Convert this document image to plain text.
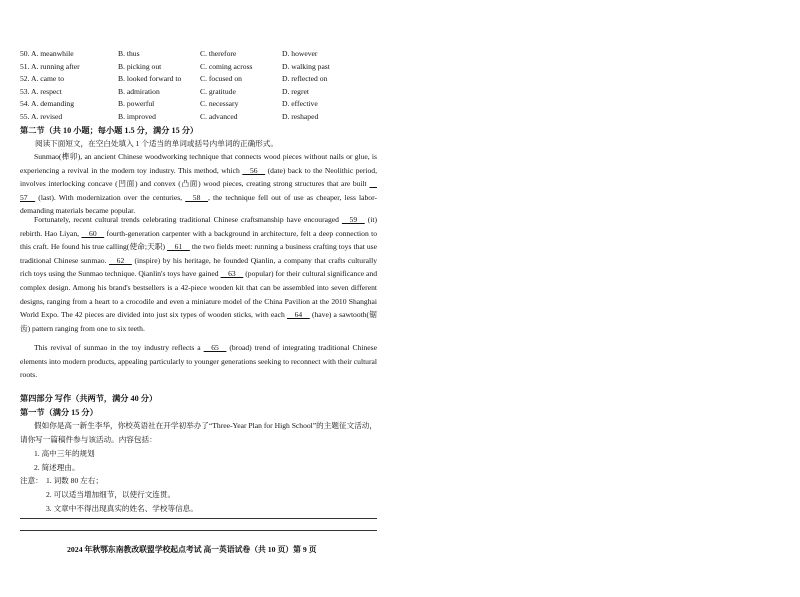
50. A. meanwhile	B. thus	C. therefore	D. however
51. A. running after	B. picking out	C. coming across	D. walking past
52. A. came to	B. looked forward to	C. focused on	D. reflected on
53. A. respect	B. admiration	C. gratitude	D. regret
54. A. demanding	B. powerful	C. necessary	D. effective
55. A. revised	B. improved	C. advanced	D. reshaped
第二节（共 10 小题；每小题 1.5 分，满分 15 分）
阅读下面短文，在空白处填入 1 个适当的单词或括号内单词的正确形式。
Sunmao(榫卯), an ancient Chinese woodworking technique that connects wood pieces without nails or glue, is experiencing a revival in the modern toy industry. This method, which   56   (date) back to the Neolithic period, involves interlocking concave (凹面) and convex (凸面) wood pieces, creating strong structures that are built   57   (last). With modernization over the centuries,   58  , the technique fell out of use as cheaper, less labor-demanding materials became popular.
Fortunately, recent cultural trends celebrating traditional Chinese craftsmanship have encouraged   59   (it) rebirth. Hao Liyan,   60   fourth-generation carpenter with a background in architecture, felt a deep connection to this craft. He found his true calling(使命;天职)   61   the two fields meet: running a business crafting toys that use traditional Chinese sunmao.   62   (inspire) by his heritage, he founded Qianlin, a company that crafts culturally rich toys using the Sunmao technique. Qianlin's toys have gained   63   (popular) for their cultural significance and complex design. Among his brand's bestsellers is a 42-piece wooden kit that can be assembled into seven different designs, ranging from a heart to a crocodile and even a miniature model of the China Pavilion at the 2010 Shanghai World Expo. The 42 pieces are divided into just six types of wooden sticks, with each   64   (have) a sawtooth(锯齿) pattern ranging from one to six teeth.
This revival of sunmao in the toy industry reflects a   65   (broad) trend of integrating traditional Chinese elements into modern products, appealing particularly to younger generations seeking to reconnect with their cultural roots.
第四部分 写作（共两节，满分 40 分）
第一节（满分 15 分）
假如你是高一新生李华，你校英语社在开学初举办了“Three-Year Plan for High School”的主题征文活动，请你写一篇稿件参与该活动。内容包括：
1. 高中三年的规划
2. 简述理由。
注意： 1. 词数 80 左右；
2. 可以适当增加细节，以使行文连贯。
3. 文章中不得出现真实的姓名、学校等信息。
2024 年秋鄂东南教改联盟学校起点考试 高一英语试卷（共 10 页）第 9 页
